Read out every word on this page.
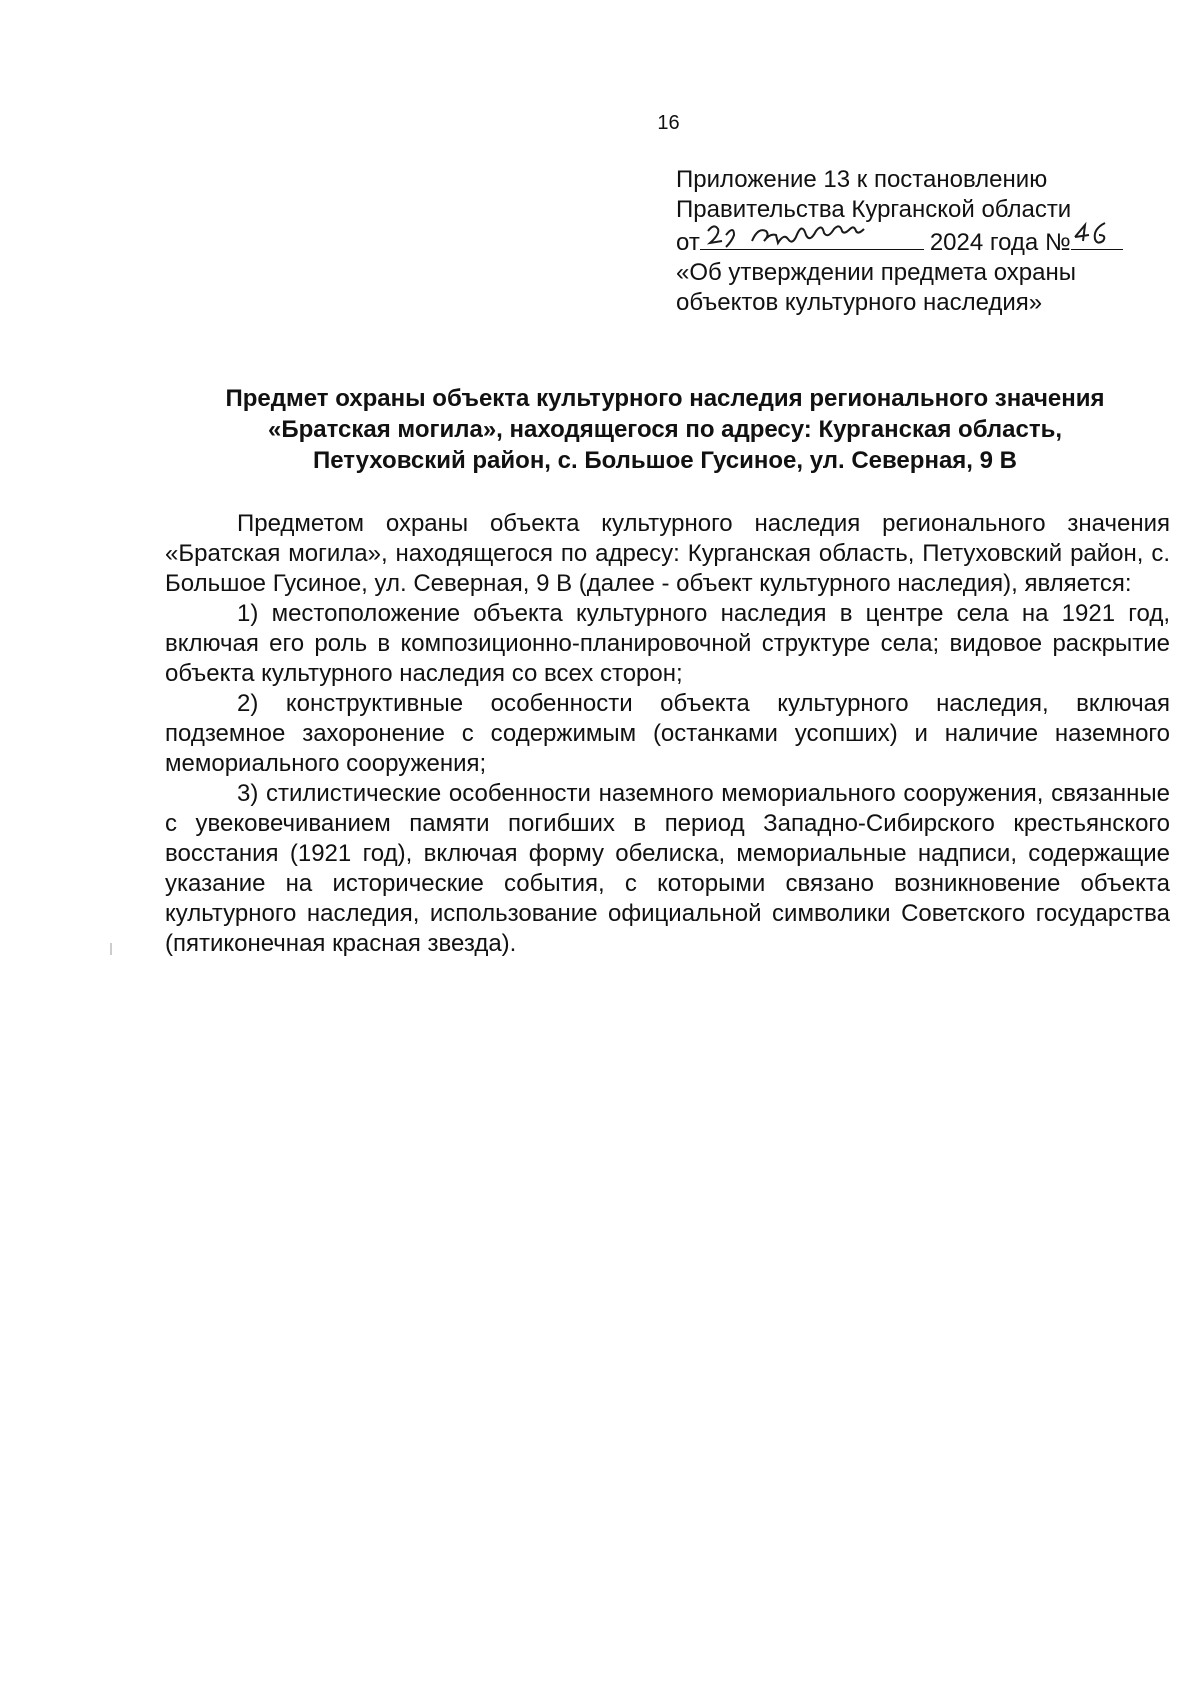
16
Приложение 13 к постановлению
Правительства Курганской области
от	2024 года №
«Об утверждении предмета охраны
объектов культурного наследия»
Предмет охраны объекта культурного наследия регионального значения
«Братская могила», находящегося по адресу: Курганская область,
Петуховский район, с. Большое Гусиное, ул. Северная, 9 В

Предметом охраны объекта культурного наследия регионального значения «Братская могила», находящегося по адресу: Курганская область, Петуховский район, с. Большое Гусиное, ул. Северная, 9 В (далее - объект культурного наследия), является:

1) местоположение объекта культурного наследия в центре села на 1921 год, включая его роль в композиционно-планировочной структуре села; видовое раскрытие объекта культурного наследия со всех сторон;

2) конструктивные особенности объекта культурного наследия, включая подземное захоронение с содержимым (останками усопших) и наличие наземного мемориального сооружения;

3) стилистические особенности наземного мемориального сооружения, связанные с увековечиванием памяти погибших в период Западно-Сибирского крестьянского восстания (1921 год), включая форму обелиска, мемориальные надписи, содержащие указание на исторические события, с которыми связано возникновение объекта культурного наследия, использование официальной символики Советского государства (пятиконечная красная звезда).
